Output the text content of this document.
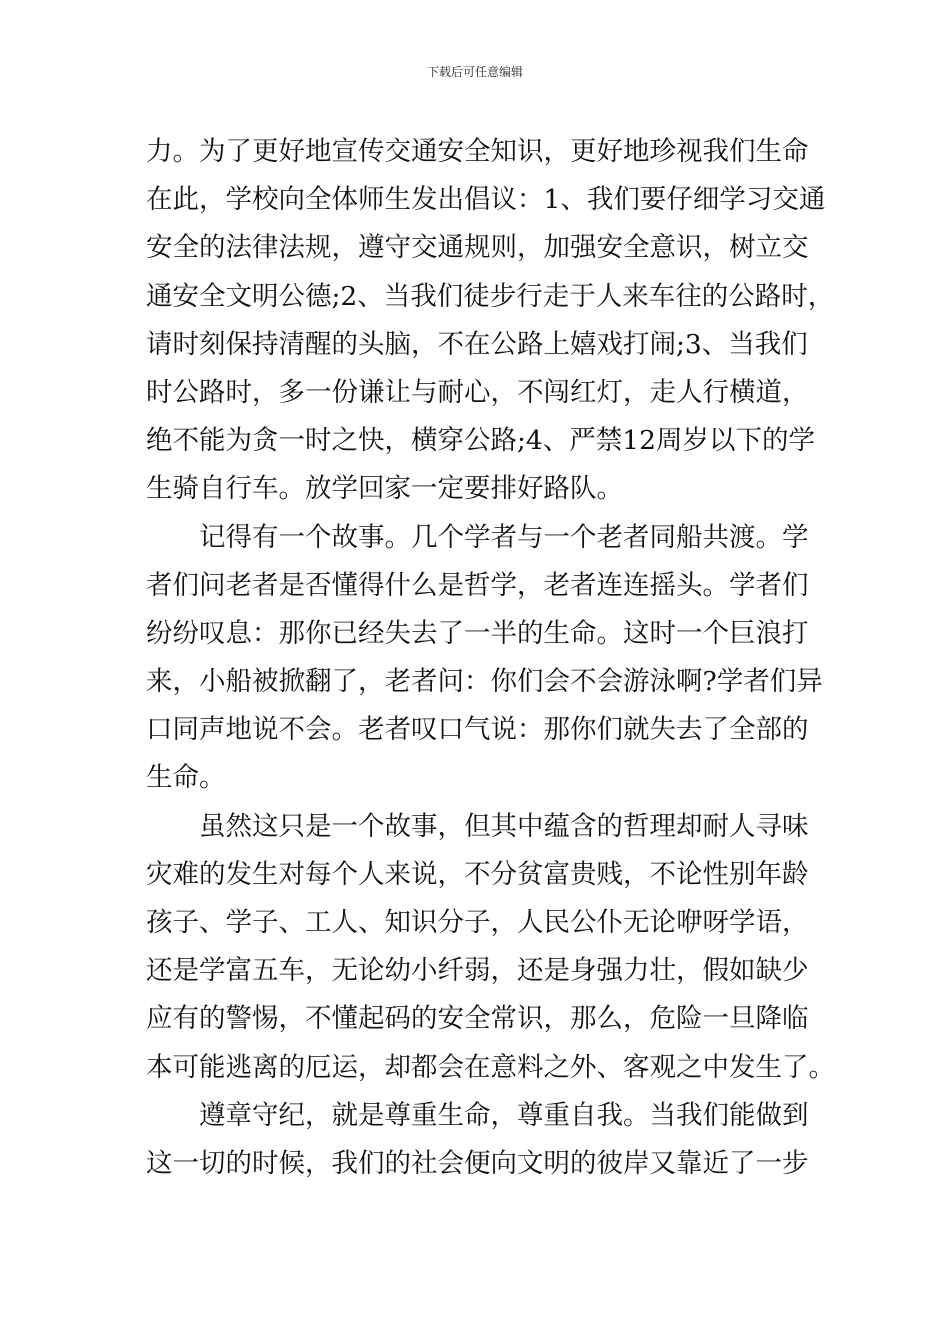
下载后可任意编辑
力。为了更好地宣传交通安全知识，更好地珍视我们生命
在此，学校向全体师生发出倡议：1、我们要仔细学习交通
安全的法律法规，遵守交通规则，加强安全意识，树立交
通安全文明公德;2、当我们徒步行走于人来车往的公路时，
请时刻保持清醒的头脑，不在公路上嬉戏打闹;3、当我们
时公路时，多一份谦让与耐心，不闯红灯，走人行横道，
绝不能为贪一时之快，横穿公路;4、严禁12周岁以下的学
生骑自行车。放学回家一定要排好路队。
记得有一个故事。几个学者与一个老者同船共渡。学
者们问老者是否懂得什么是哲学，老者连连摇头。学者们
纷纷叹息：那你已经失去了一半的生命。这时一个巨浪打
来，小船被掀翻了，老者问：你们会不会游泳啊?学者们异
口同声地说不会。老者叹口气说：那你们就失去了全部的
生命。
虽然这只是一个故事，但其中蕴含的哲理却耐人寻味
灾难的发生对每个人来说，不分贫富贵贱，不论性别年龄
孩子、学子、工人、知识分子，人民公仆无论咿呀学语，
还是学富五车，无论幼小纤弱，还是身强力壮，假如缺少
应有的警惕，不懂起码的安全常识，那么，危险一旦降临
本可能逃离的厄运，却都会在意料之外、客观之中发生了。
遵章守纪，就是尊重生命，尊重自我。当我们能做到
这一切的时候，我们的社会便向文明的彼岸又靠近了一步
